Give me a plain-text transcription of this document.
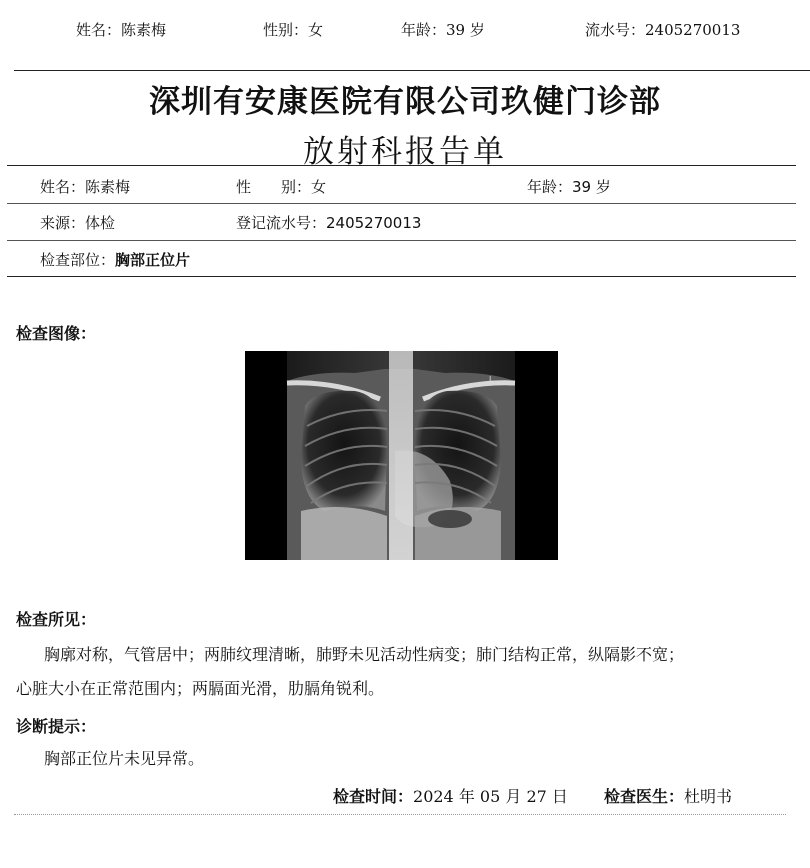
姓名：陈素梅	性别：女	年龄：39 岁	流水号：2405270013
深圳有安康医院有限公司玖健门诊部
放射科报告单
姓名：陈素梅	性　　别：女	年龄：39 岁
来源：体检	登记流水号：2405270013
检查部位：胸部正位片
检查图像：
L
检查所见：
胸廓对称，气管居中；两肺纹理清晰，肺野未见活动性病变；肺门结构正常，纵隔影不宽；
心脏大小在正常范围内；两膈面光滑，肋膈角锐利。
诊断提示：
胸部正位片未见异常。
检查时间：2024 年 05 月 27 日 检查医生：杜明书
